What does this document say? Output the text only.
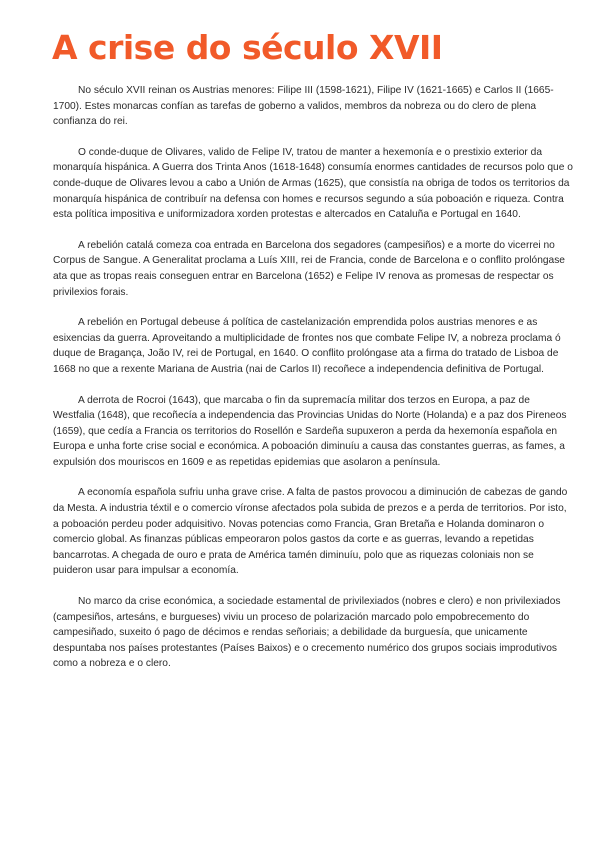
A crise do século XVII

No século XVII reinan os Austrias menores: Filipe III (1598-1621), Filipe IV (1621-1665) e Carlos II (1665-1700). Estes monarcas confían as tarefas de goberno a validos, membros da nobreza ou do clero de plena confianza do rei.

O conde-duque de Olivares, valido de Felipe IV, tratou de manter a hexemonía e o prestixio exterior da monarquía hispánica. A Guerra dos Trinta Anos (1618-1648) consumía enormes cantidades de recursos polo que o conde-duque de Olivares levou a cabo a Unión de Armas (1625), que consistía na obriga de todos os territorios da monarquía hispánica de contribuír na defensa con homes e recursos segundo a súa poboación e riqueza. Contra esta política impositiva e uniformizadora xorden protestas e altercados en Cataluña e Portugal en 1640.

A rebelión catalá comeza coa entrada en Barcelona dos segadores (campesiños) e a morte do vicerrei no Corpus de Sangue. A Generalitat proclama a Luís XIII, rei de Francia, conde de Barcelona e o conflito prolóngase ata que as tropas reais conseguen entrar en Barcelona (1652) e Felipe IV renova as promesas de respectar os privilexios forais.

A rebelión en Portugal debeuse á política de castelanización emprendida polos austrias menores e as esixencias da guerra. Aproveitando a multiplicidade de frontes nos que combate Felipe IV, a nobreza proclama ó duque de Bragança, João IV, rei de Portugal, en 1640. O conflito prolóngase ata a firma do tratado de Lisboa de 1668 no que a rexente Mariana de Austria (nai de Carlos II) recoñece a independencia definitiva de Portugal.

A derrota de Rocroi (1643), que marcaba o fin da supremacía militar dos terzos en Europa, a paz de Westfalia (1648), que recoñecía a independencia das Provincias Unidas do Norte (Holanda) e a paz dos Pireneos (1659), que cedía a Francia os territorios do Rosellón e Sardeña supuxeron a perda da hexemonía española en Europa e unha forte crise social e económica. A poboación diminuíu a causa das constantes guerras, as fames, a expulsión dos mouriscos en 1609 e as repetidas epidemias que asolaron a península.

A economía española sufriu unha grave crise. A falta de pastos provocou a diminución de cabezas de gando da Mesta. A industria téxtil e o comercio víronse afectados pola subida de prezos e a perda de territorios. Por isto, a poboación perdeu poder adquisitivo. Novas potencias como Francia, Gran Bretaña e Holanda dominaron o comercio global. As finanzas públicas empeoraron polos gastos da corte e as guerras, levando a repetidas bancarrotas. A chegada de ouro e prata de América tamén diminuíu, polo que as riquezas coloniais non se puideron usar para impulsar a economía.

No marco da crise económica, a sociedade estamental de privilexiados (nobres e clero) e non privilexiados (campesiños, artesáns, e burgueses) viviu un proceso de polarización marcado polo empobrecemento do campesiñado, suxeito ó pago de décimos e rendas señoriais; a debilidade da burguesía, que unicamente despuntaba nos países protestantes (Países Baixos) e o crecemento numérico dos grupos sociais improdutivos como a nobreza e o clero.
